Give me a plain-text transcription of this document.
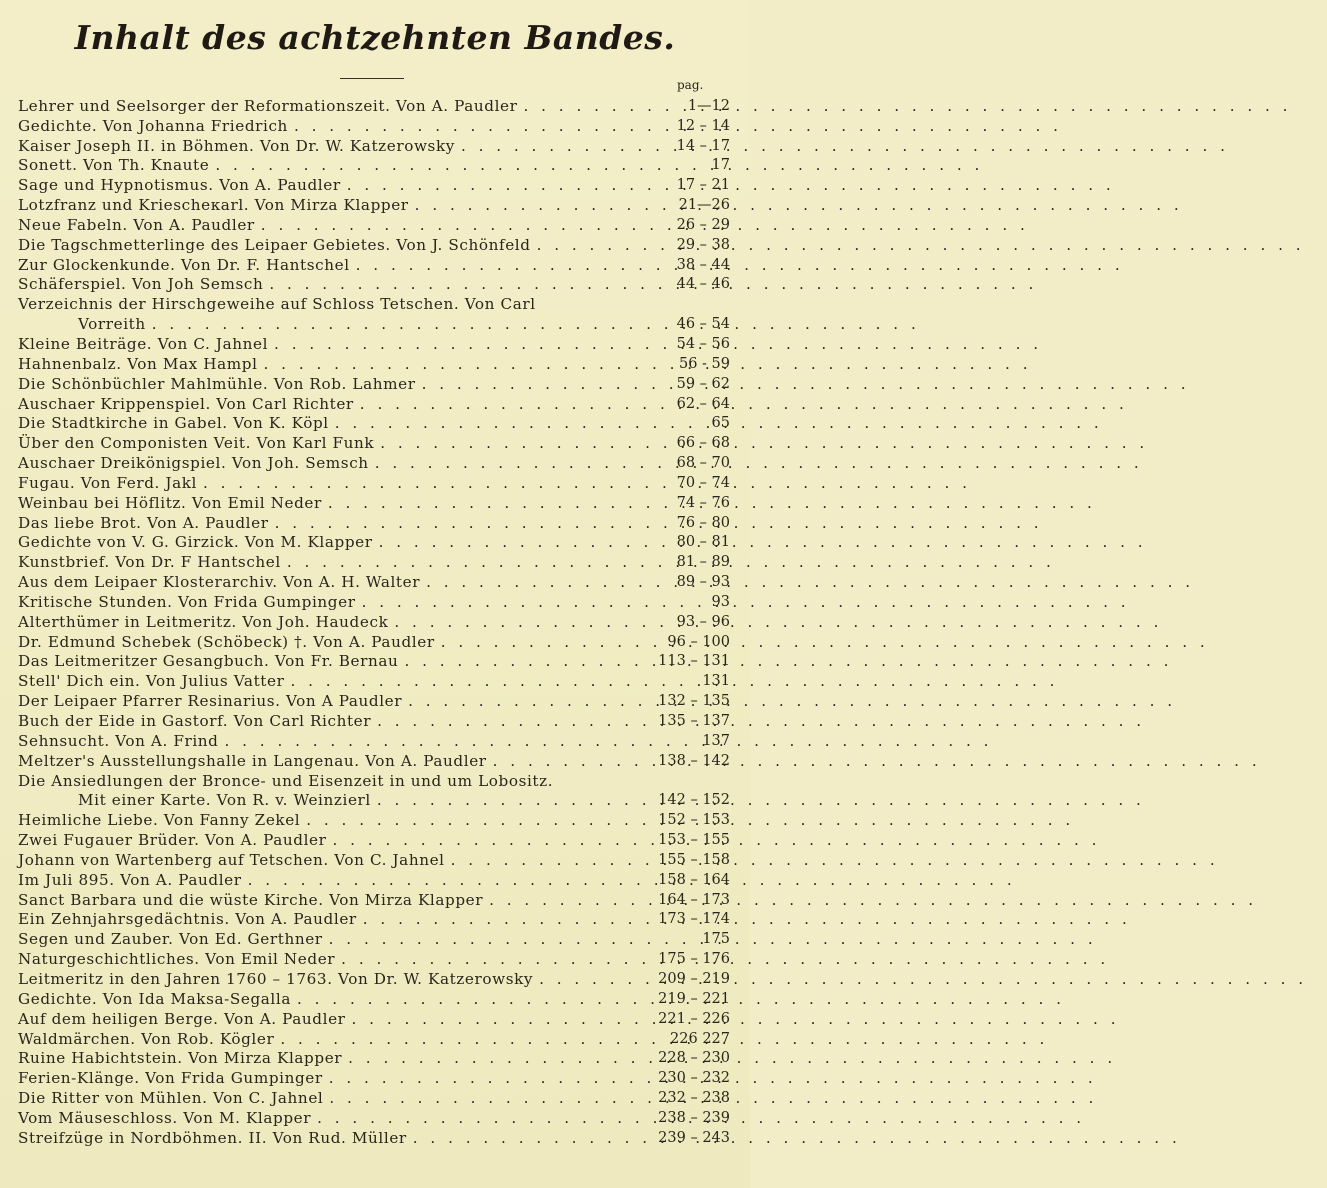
Inhalt des achtzehnten Bandes.
pag.
Lehrer und Seelsorger der Reformationszeit. Von A. Paudler . . .	1—12
Gedichte. Von Johanna Friedrich . . .	12 – 14
Kaiser Joseph II. in Böhmen. Von Dr. W. Katzerowsky . . .	14 – 17
Sonett. Von Th. Knaute . . .	17
Sage und Hypnotismus. Von A. Paudler . . .	17 – 21
Lotzfranz und Kriescheкarl. Von Mirza Klapper . . .	21—26
Neue Fabeln. Von A. Paudler . . .	26 – 29
Die Tagschmetterlinge des Leipaer Gebietes. Von J. Schönfeld . . .	29 – 38
Zur Glockenkunde. Von Dr. F. Hantschel . . .	38 – 44
Schäferspiel. Von Joh Semsch . . .	44 – 46
Verzeichnis der Hirschgeweihe auf Schloss Tetschen. Von Carl
Vorreith . . .	46 – 54
Kleine Beiträge. Von C. Jahnel . . .	54 – 56
Hahnenbalz. Von Max Hampl . . .	56 - 59
Die Schönbüchler Mahlmühle. Von Rob. Lahmer . . .	59 – 62
Auschaer Krippenspiel. Von Carl Richter . . .	62 – 64
Die Stadtkirche in Gabel. Von K. Köpl . . .	65
Über den Componisten Veit. Von Karl Funk . . .	66 – 68
Auschaer Dreikönigspiel. Von Joh. Semsch . . .	68 – 70
Fugau. Von Ferd. Jakl . . .	70 – 74
Weinbau bei Höflitz. Von Emil Neder . . .	74 – 76
Das liebe Brot. Von A. Paudler . . .	76 – 80
Gedichte von V. G. Girzick. Von M. Klapper . . .	80 – 81
Kunstbrief. Von Dr. F Hantschel . . .	81 – 89
Aus dem Leipaer Klosterarchiv. Von A. H. Walter . . .	89 – 93
Kritische Stunden. Von Frida Gumpinger . . .	93
Alterthümer in Leitmeritz. Von Joh. Haudeck . . .	93 – 96
Dr. Edmund Schebek (Schöbeck) †. Von A. Paudler . . .	96 – 100
Das Leitmeritzer Gesangbuch. Von Fr. Bernau . . .	113 – 131
Stell' Dich ein. Von Julius Vatter . . .	131
Der Leipaer Pfarrer Resinarius. Von A Paudler . . .	132 – 135
Buch der Eide in Gastorf. Von Carl Richter . . .	135 – 137
Sehnsucht. Von A. Frind . . .	137
Meltzer's Ausstellungshalle in Langenau. Von A. Paudler . . .	138 – 142
Die Ansiedlungen der Bronce- und Eisenzeit in und um Lobositz.
Mit einer Karte. Von R. v. Weinzierl . . .	142 – 152
Heimliche Liebe. Von Fanny Zekel . . .	152 – 153
Zwei Fugauer Brüder. Von A. Paudler . . .	153 – 155
Johann von Wartenberg auf Tetschen. Von C. Jahnel . . .	155 – 158
Im Juli 895. Von A. Paudler . . .	158 – 164
Sanct Barbara und die wüste Kirche. Von Mirza Klapper . . .	164 – 173
Ein Zehnjahrsgedächtnis. Von A. Paudler . . .	173 – 174
Segen und Zauber. Von Ed. Gerthner . . .	175
Naturgeschichtliches. Von Emil Neder . . .	175 – 176
Leitmeritz in den Jahren 1760 – 1763. Von Dr. W. Katzerowsky . . .	209 – 219
Gedichte. Von Ida Maksa-Segalla . . .	219 – 221
Auf dem heiligen Berge. Von A. Paudler . . .	221 – 226
Waldmärchen. Von Rob. Kögler . . .	226 227
Ruine Habichtstein. Von Mirza Klapper . . .	228 – 230
Ferien-Klänge. Von Frida Gumpinger . . .	230 – 232
Die Ritter von Mühlen. Von C. Jahnel . . .	232 – 238
Vom Mäuseschloss. Von M. Klapper . . .	238 – 239
Streifzüge in Nordböhmen. II. Von Rud. Müller . . .	239 – 243
